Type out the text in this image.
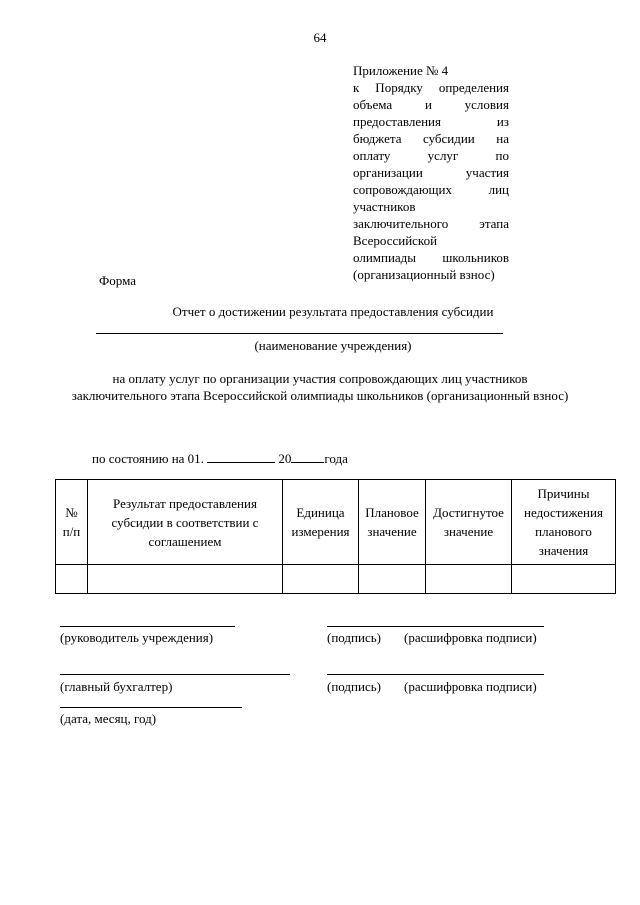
64
Приложение № 4
к Порядку определения
объема и условия
предоставления из
бюджета субсидии на
оплату услуг по
организации участия
сопровождающих лиц
участников
заключительного этапа
Всероссийской
олимпиады школьников
(организационный взнос)
Форма
Отчет о достижении результата предоставления субсидии
(наименование учреждения)
на оплату услуг по организации участия сопровождающих лиц участников
заключительного этапа Всероссийской олимпиады школьников (организационный взнос)
по состоянию на 01.	20	года
№ п/п	Результат предоставления субсидии в соответствии с соглашением	Единица измерения	Плановое значение	Достигнутое значение	Причины недостижения планового значения

(руководитель учреждения)	(подпись) (расшифровка подписи)
(главный бухгалтер)	(подпись) (расшифровка подписи)
(дата, месяц, год)
